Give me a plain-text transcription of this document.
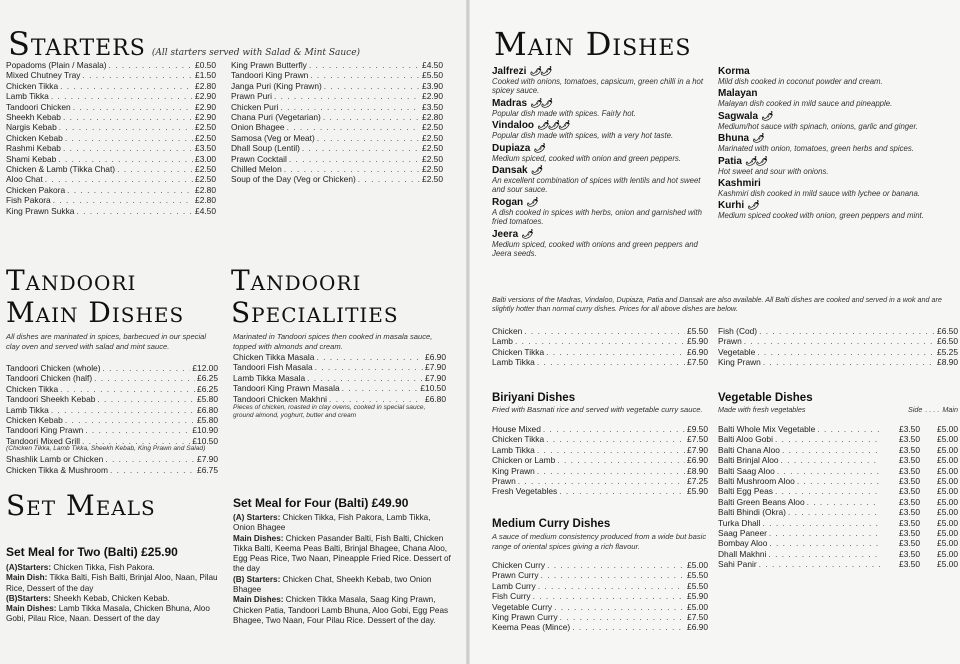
Starters (All starters served with Salad & Mint Sauce)
Popadoms (Plain / Masala) . . .	£0.50
Mixed Chutney Tray . . .	£1.50
Chicken Tikka . . .	£2.80
Lamb Tikka . . .	£2.90
Tandoori Chicken . . .	£2.90
Sheekh Kebab . . .	£2.90
Nargis Kebab . . .	£2.50
Chicken Kebab . . .	£2.50
Rashmi Kebab . . .	£3.50
Shami Kebab . . .	£3.00
Chicken & Lamb (Tikka Chat) . . .	£2.50
Aloo Chat . . .	£2.50
Chicken Pakora . . .	£2.80
Fish Pakora . . .	£2.80
King Prawn Sukka . . .	£4.50
King Prawn Butterfly . . .	£4.50
Tandoori King Prawn . . .	£5.50
Janga Puri (King Prawn) . . .	£3.90
Prawn Puri . . .	£2.90
Chicken Puri . . .	£3.50
Chana Puri (Vegetarian) . . .	£2.80
Onion Bhagee . . .	£2.50
Samosa (Veg or Meat) . . .	£2.50
Dhall Soup (Lentil) . . .	£2.50
Prawn Cocktail . . .	£2.50
Chilled Melon . . .	£2.50
Soup of the Day (Veg or Chicken) . . .	£2.50
Tandoori
Main Dishes
All dishes are marinated in spices, barbecued in our special clay oven and served with salad and mint sauce.
Tandoori Chicken (whole) . . .	£12.00
Tandoori Chicken (half) . . .	£6.25
Chicken Tikka . . .	£6.25
Tandoori Sheekh Kebab . . .	£5.80
Lamb Tikka . . .	£6.80
Chicken Kebab . . .	£5.80
Tandoori King Prawn . . .	£10.90
Tandoori Mixed Grill . . .	£10.50
(Chicken Tikka, Lamb Tikka, Sheekh Kebab, King Prawn and Salad)
Shashlik Lamb or Chicken . . .	£7.90
Chicken Tikka & Mushroom . . .	£6.75
Tandoori
Specialities
Marinated in Tandoori spices then cooked in masala sauce, topped with almonds and cream.
Chicken Tikka Masala . . .	£6.90
Tandoori Fish Masala . . .	£7.90
Lamb Tikka Masala . . .	£7.90
Tandoori King Prawn Masala . . .	£10.50
Tandoori Chicken Makhni . . .	£6.80
Pieces of chicken, roasted in clay ovens, cooked in special sauce, ground almond, yoghurt, butter and cream
Set Meals
Set Meal for Two (Balti) £25.90
(A)Starters: Chicken Tikka, Fish Pakora.
Main Dish: Tikka Balti, Fish Balti, Brinjal Aloo, Naan, Pilau Rice, Dessert of the day
(B)Starters: Sheekh Kebab, Chicken Kebab.
Main Dishes: Lamb Tikka Masala, Chicken Bhuna, Aloo Gobi, Pilau Rice, Naan. Dessert of the day
Set Meal for Four (Balti) £49.90
(A) Starters: Chicken Tikka, Fish Pakora, Lamb Tikka, Onion Bhagee
Main Dishes: Chicken Pasander Balti, Fish Balti, Chicken Tikka Balti, Keema Peas Balti, Brinjal Bhagee, Chana Aloo, Egg Peas Rice, Two Naan, Pineapple Fried Rice. Dessert of the day
(B) Starters: Chicken Chat, Sheekh Kebab, two Onion Bhagee
Main Dishes: Chicken Tikka Masala, Saag King Prawn, Chicken Patia, Tandoori Lamb Bhuna, Aloo Gobi, Egg Peas Bhagee, Two Naan, Four Pilau Rice. Dessert of the day.
Main Dishes
Jalfrezi 🌶🌶
Cooked with onions, tomatoes, capsicum, green chilli in a hot spicey sauce.
Madras 🌶🌶
Popular dish made with spices. Fairly hot.
Vindaloo 🌶🌶🌶
Popular dish made with spices, with a very hot taste.
Dupiaza 🌶
Medium spiced, cooked with onion and green peppers.
Dansak 🌶
An excellent combination of spices with lentils and hot sweet and sour sauce.
Rogan 🌶
A dish cooked in spices with herbs, onion and garnished with fried tomatoes.
Jeera 🌶
Medium spiced, cooked with onions and green peppers and Jeera seeds.
Korma
Mild dish cooked in coconut powder and cream.
Malayan
Malayan dish cooked in mild sauce and pineapple.
Sagwala 🌶
Medium/hot sauce with spinach, onions, garlic and ginger.
Bhuna 🌶
Marinated with onion, tomatoes, green herbs and spices.
Patia 🌶🌶
Hot sweet and sour with onions.
Kashmiri
Kashmiri dish cooked in mild sauce with lychee or banana.
Kurhi 🌶
Medium spiced cooked with onion, green peppers and mint.
Balti versions of the Madras, Vindaloo, Dupiaza, Patia and Dansak are also available. All Balti dishes are cooked and served in a wok and are slightly hotter than normal curry dishes. Prices for all above dishes are below.
Chicken . . .	£5.50
Lamb . . .	£5.90
Chicken Tikka . . .	£6.90
Lamb Tikka . . .	£7.50
Fish (Cod) . . .	£6.50
Prawn . . .	£6.50
Vegetable . . .	£5.25
King Prawn . . .	£8.90
Biriyani Dishes
Fried with Basmati rice and served with vegetable curry sauce.
House Mixed . . .	£9.50
Chicken Tikka . . .	£7.50
Lamb Tikka . . .	£7.90
Chicken or Lamb . . .	£6.90
King Prawn . . .	£8.90
Prawn . . .	£7.25
Fresh Vegetables . . .	£5.90
Medium Curry Dishes
A sauce of medium consistency produced from a wide but basic range of oriental spices giving a rich flavour.
Chicken Curry . . .	£5.00
Prawn Curry . . .	£5.50
Lamb Curry . . .	£5.50
Fish Curry . . .	£5.90
Vegetable Curry . . .	£5.00
King Prawn Curry . . .	£7.50
Keema Peas (Mince) . . .	£6.90
Vegetable Dishes
Made with fresh vegetables	Side . . . . Main
Balti Whole Mix Vegetable . . .	£3.50	£5.00
Balti Aloo Gobi . . .	£3.50	£5.00
Balti Chana Aloo . . .	£3.50	£5.00
Balti Brinjal Aloo . . .	£3.50	£5.00
Balti Saag Aloo . . .	£3.50	£5.00
Balti Mushroom Aloo . . .	£3.50	£5.00
Balti Egg Peas . . .	£3.50	£5.00
Balti Green Beans Aloo . . .	£3.50	£5.00
Balti Bhindi (Okra) . . .	£3.50	£5.00
Turka Dhall . . .	£3.50	£5.00
Saag Paneer . . .	£3.50	£5.00
Bombay Aloo . . .	£3.50	£5.00
Dhall Makhni . . .	£3.50	£5.00
Sahi Panir . . .	£3.50	£5.00
